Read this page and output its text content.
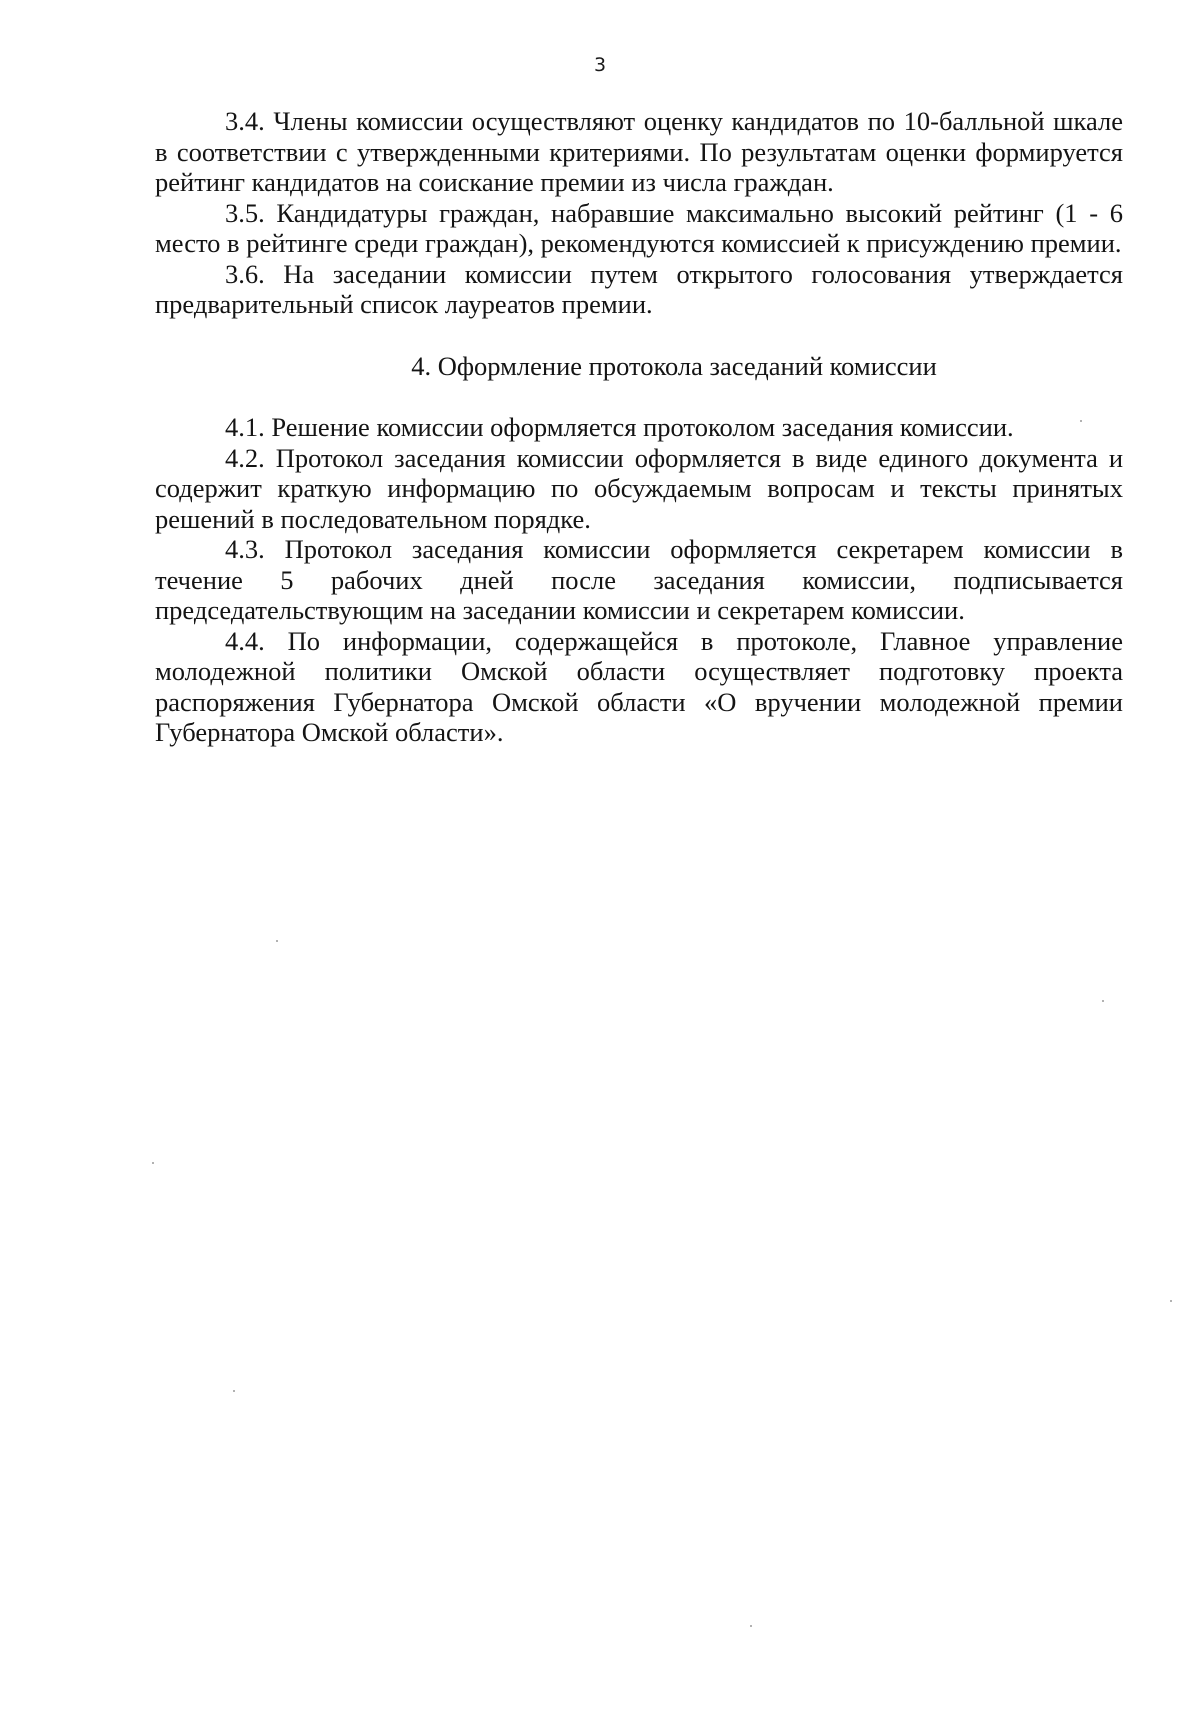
3

3.4. Члены комиссии осуществляют оценку кандидатов по 10-балльной шкале в соответствии с утвержденными критериями. По результатам оценки формируется рейтинг кандидатов на соискание премии из числа граждан.

3.5. Кандидатуры граждан, набравшие максимально высокий рейтинг (1 - 6 место в рейтинге среди граждан), рекомендуются комиссией к присуждению премии.

3.6. На заседании комиссии путем открытого голосования утверждается предварительный список лауреатов премии.

4. Оформление протокола заседаний комиссии

4.1. Решение комиссии оформляется протоколом заседания комиссии.

4.2. Протокол заседания комиссии оформляется в виде единого документа и содержит краткую информацию по обсуждаемым вопросам и тексты принятых решений в последовательном порядке.

4.3. Протокол заседания комиссии оформляется секретарем комиссии в течение 5 рабочих дней после заседания комиссии, подписывается председательствующим на заседании комиссии и секретарем комиссии.

4.4. По информации, содержащейся в протоколе, Главное управление молодежной политики Омской области осуществляет подготовку проекта распоряжения Губернатора Омской области «О вручении молодежной премии Губернатора Омской области».
